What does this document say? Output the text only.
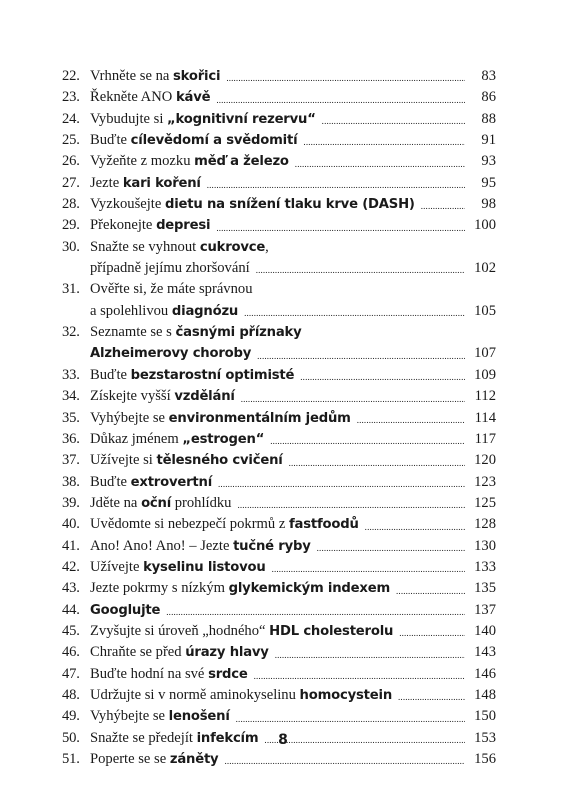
22. Vrhněte se na skořici . . .	83
23. Řekněte ANO kávě . . .	86
24. Vybudujte si „kognitivní rezervu“ . . .	88
25. Buďte cílevědomí a svědomití . . .	91
26. Vyžeňte z mozku měď a železo . . .	93
27. Jezte kari koření . . .	95
28. Vyzkoušejte dietu na snížení tlaku krve (DASH) . . .	98
29. Překonejte depresi . . .	100
30. Snažte se vyhnout cukrovce,
případně jejímu zhoršování . . .	102
31. Ověřte si, že máte správnou
a spolehlivou diagnózu . . .	105
32. Seznamte se s časnými příznaky
Alzheimerovy choroby . . .	107
33. Buďte bezstarostní optimisté . . .	109
34. Získejte vyšší vzdělání . . .	112
35. Vyhýbejte se environmentálním jedům . . .	114
36. Důkaz jménem „estrogen“ . . .	117
37. Užívejte si tělesného cvičení . . .	120
38. Buďte extrovertní . . .	123
39. Jděte na oční prohlídku . . .	125
40. Uvědomte si nebezpečí pokrmů z fastfoodů . . .	128
41. Ano! Ano! Ano! – Jezte tučné ryby . . .	130
42. Užívejte kyselinu listovou . . .	133
43. Jezte pokrmy s nízkým glykemickým indexem . . .	135
44. Googlujte . . .	137
45. Zvyšujte si úroveň „hodného“ HDL cholesterolu . . .	140
46. Chraňte se před úrazy hlavy . . .	143
47. Buďte hodní na své srdce . . .	146
48. Udržujte si v normě aminokyselinu homocystein . . .	148
49. Vyhýbejte se lenošení . . .	150
50. Snažte se předejít infekcím . . .	153
51. Poperte se se záněty . . .	156
8
